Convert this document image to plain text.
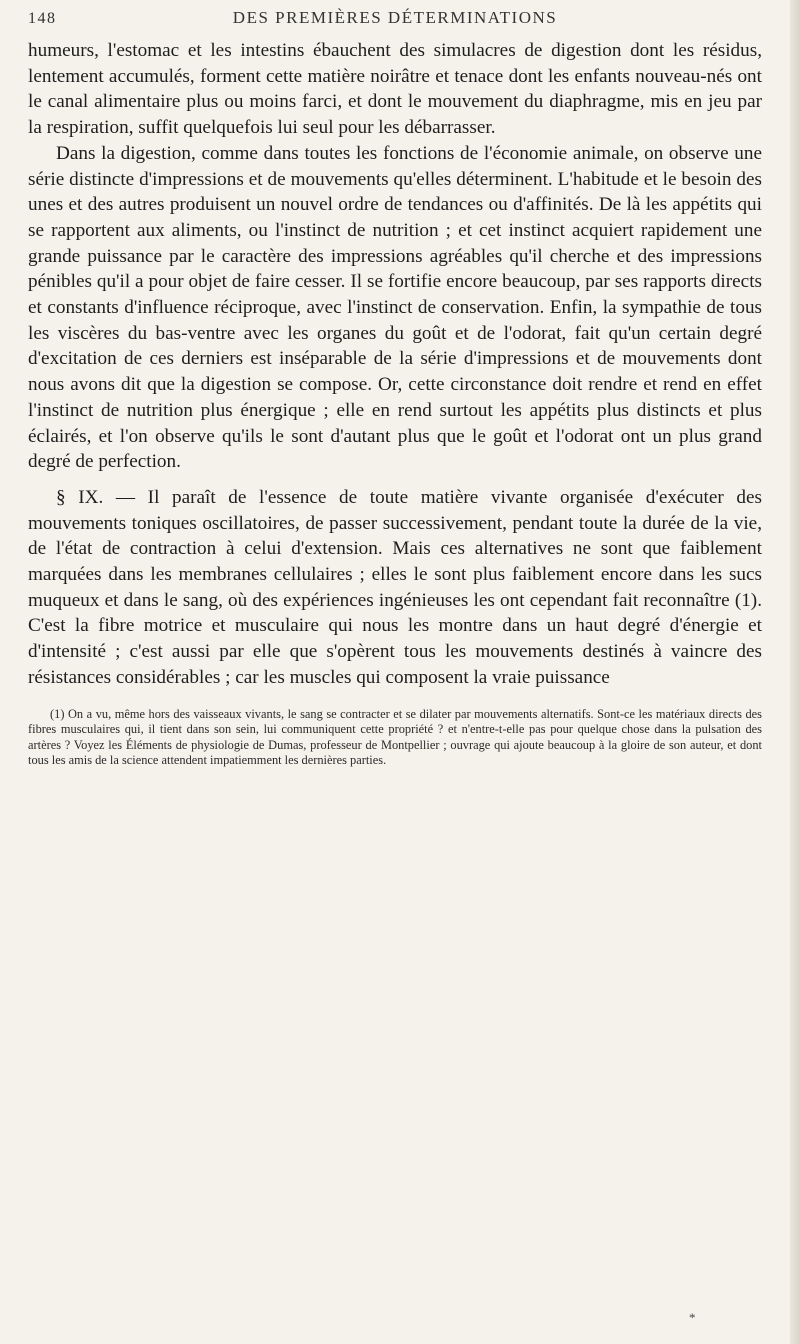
148	DES PREMIÈRES DÉTERMINATIONS

humeurs, l'estomac et les intestins ébauchent des simulacres de digestion dont les résidus, lentement accumulés, forment cette matière noirâtre et tenace dont les enfants nouveau-nés ont le canal alimentaire plus ou moins farci, et dont le mouvement du diaphragme, mis en jeu par la respiration, suffit quelquefois lui seul pour les débarrasser.

Dans la digestion, comme dans toutes les fonctions de l'économie animale, on observe une série distincte d'impressions et de mouvements qu'elles déterminent. L'habitude et le besoin des unes et des autres produisent un nouvel ordre de tendances ou d'affinités. De là les appétits qui se rapportent aux aliments, ou l'instinct de nutrition ; et cet instinct acquiert rapidement une grande puissance par le caractère des impressions agréables qu'il cherche et des impressions pénibles qu'il a pour objet de faire cesser. Il se fortifie encore beaucoup, par ses rapports directs et constants d'influence réciproque, avec l'instinct de conservation. Enfin, la sympathie de tous les viscères du bas-ventre avec les organes du goût et de l'odorat, fait qu'un certain degré d'excitation de ces derniers est inséparable de la série d'impressions et de mouvements dont nous avons dit que la digestion se compose. Or, cette circonstance doit rendre et rend en effet l'instinct de nutrition plus énergique ; elle en rend surtout les appétits plus distincts et plus éclairés, et l'on observe qu'ils le sont d'autant plus que le goût et l'odorat ont un plus grand degré de perfection.

§ IX. — Il paraît de l'essence de toute matière vivante organisée d'exécuter des mouvements toniques oscillatoires, de passer successivement, pendant toute la durée de la vie, de l'état de contraction à celui d'extension. Mais ces alternatives ne sont que faiblement marquées dans les membranes cellulaires ; elles le sont plus faiblement encore dans les sucs muqueux et dans le sang, où des expériences ingénieuses les ont cependant fait reconnaître (1). C'est la fibre motrice et musculaire qui nous les montre dans un haut degré d'énergie et d'intensité ; c'est aussi par elle que s'opèrent tous les mouvements destinés à vaincre des résistances considérables ; car les muscles qui composent la vraie puissance

(1) On a vu, même hors des vaisseaux vivants, le sang se contracter et se dilater par mouvements alternatifs. Sont-ce les matériaux directs des fibres musculaires qui, il tient dans son sein, lui communiquent cette propriété ? et n'entre-t-elle pas pour quelque chose dans la pulsation des artères ? Voyez les Éléments de physiologie de Dumas, professeur de Montpellier ; ouvrage qui ajoute beaucoup à la gloire de son auteur, et dont tous les amis de la science attendent impatiemment les dernières parties.

*
